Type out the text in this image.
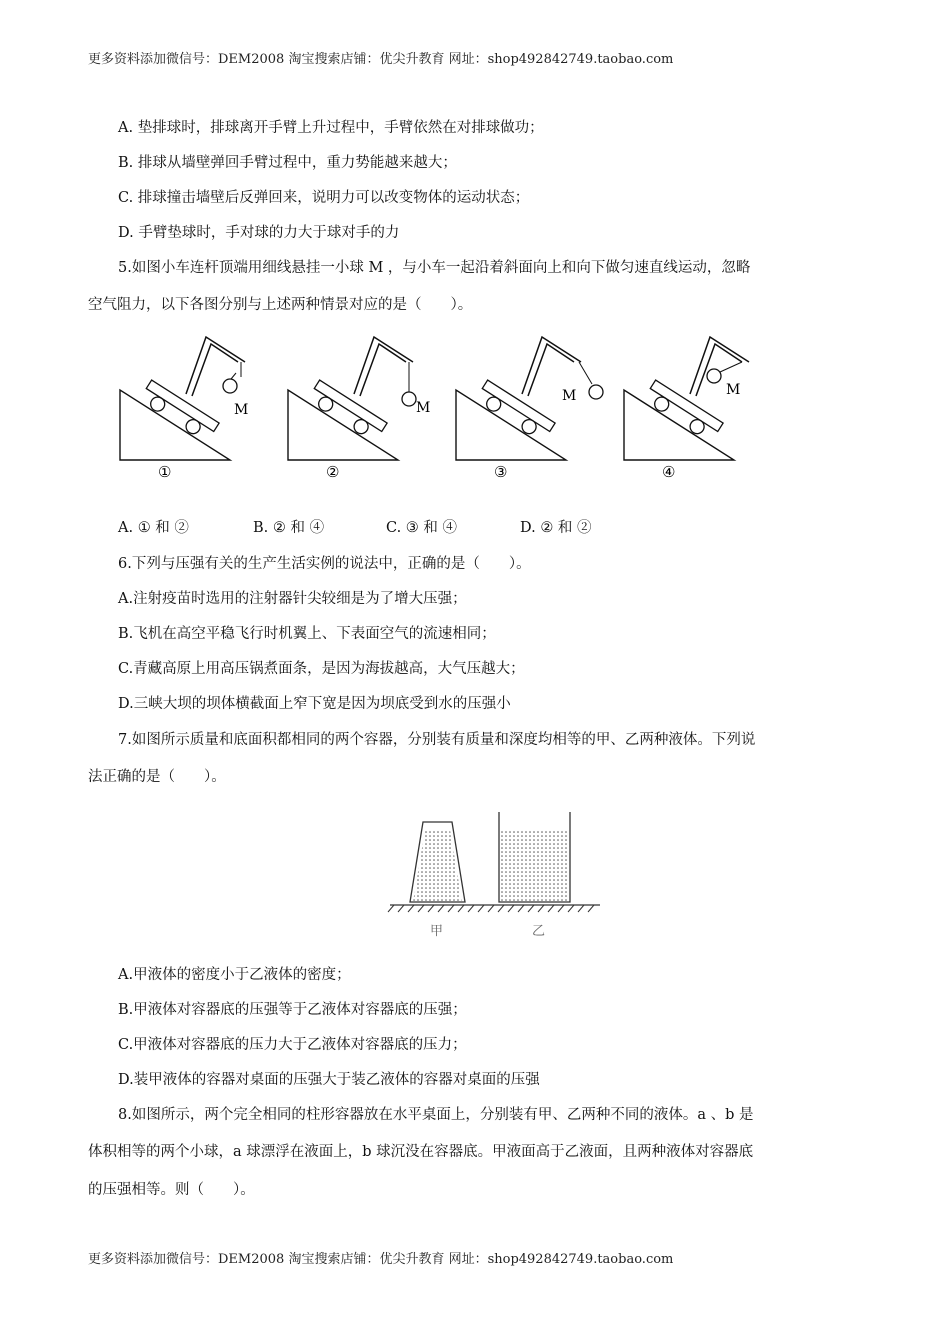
更多资料添加微信号：DEM2008 淘宝搜索店铺：优尖升教育 网址：shop492842749.taobao.com
A. 垫排球时，排球离开手臂上升过程中，手臂依然在对排球做功；
B. 排球从墙壁弹回手臂过程中，重力势能越来越大；
C. 排球撞击墙壁后反弹回来，说明力可以改变物体的运动状态；
D. 手臂垫球时，手对球的力大于球对手的力
5.如图小车连杆顶端用细线悬挂一小球 M ，与小车一起沿着斜面向上和向下做匀速直线运动，忽略
空气阻力，以下各图分别与上述两种情景对应的是（　　）。
M
①
M
②
M
③
M
④
A. ① 和 ②	B. ② 和 ④	C. ③ 和 ④	D. ② 和 ②
6.下列与压强有关的生产生活实例的说法中，正确的是（　　）。
A.注射疫苗时选用的注射器针尖较细是为了增大压强；
B.飞机在高空平稳飞行时机翼上、下表面空气的流速相同；
C.青藏高原上用高压锅煮面条，是因为海拔越高，大气压越大；
D.三峡大坝的坝体横截面上窄下宽是因为坝底受到水的压强小
7.如图所示质量和底面积都相同的两个容器，分别装有质量和深度均相等的甲、乙两种液体。下列说
法正确的是（　　）。
甲	乙
A.甲液体的密度小于乙液体的密度；
B.甲液体对容器底的压强等于乙液体对容器底的压强；
C.甲液体对容器底的压力大于乙液体对容器底的压力；
D.装甲液体的容器对桌面的压强大于装乙液体的容器对桌面的压强
8.如图所示，两个完全相同的柱形容器放在水平桌面上，分别装有甲、乙两种不同的液体。a 、b 是
体积相等的两个小球，a 球漂浮在液面上，b 球沉没在容器底。甲液面高于乙液面，且两种液体对容器底
的压强相等。则（　　）。
更多资料添加微信号：DEM2008 淘宝搜索店铺：优尖升教育 网址：shop492842749.taobao.com
